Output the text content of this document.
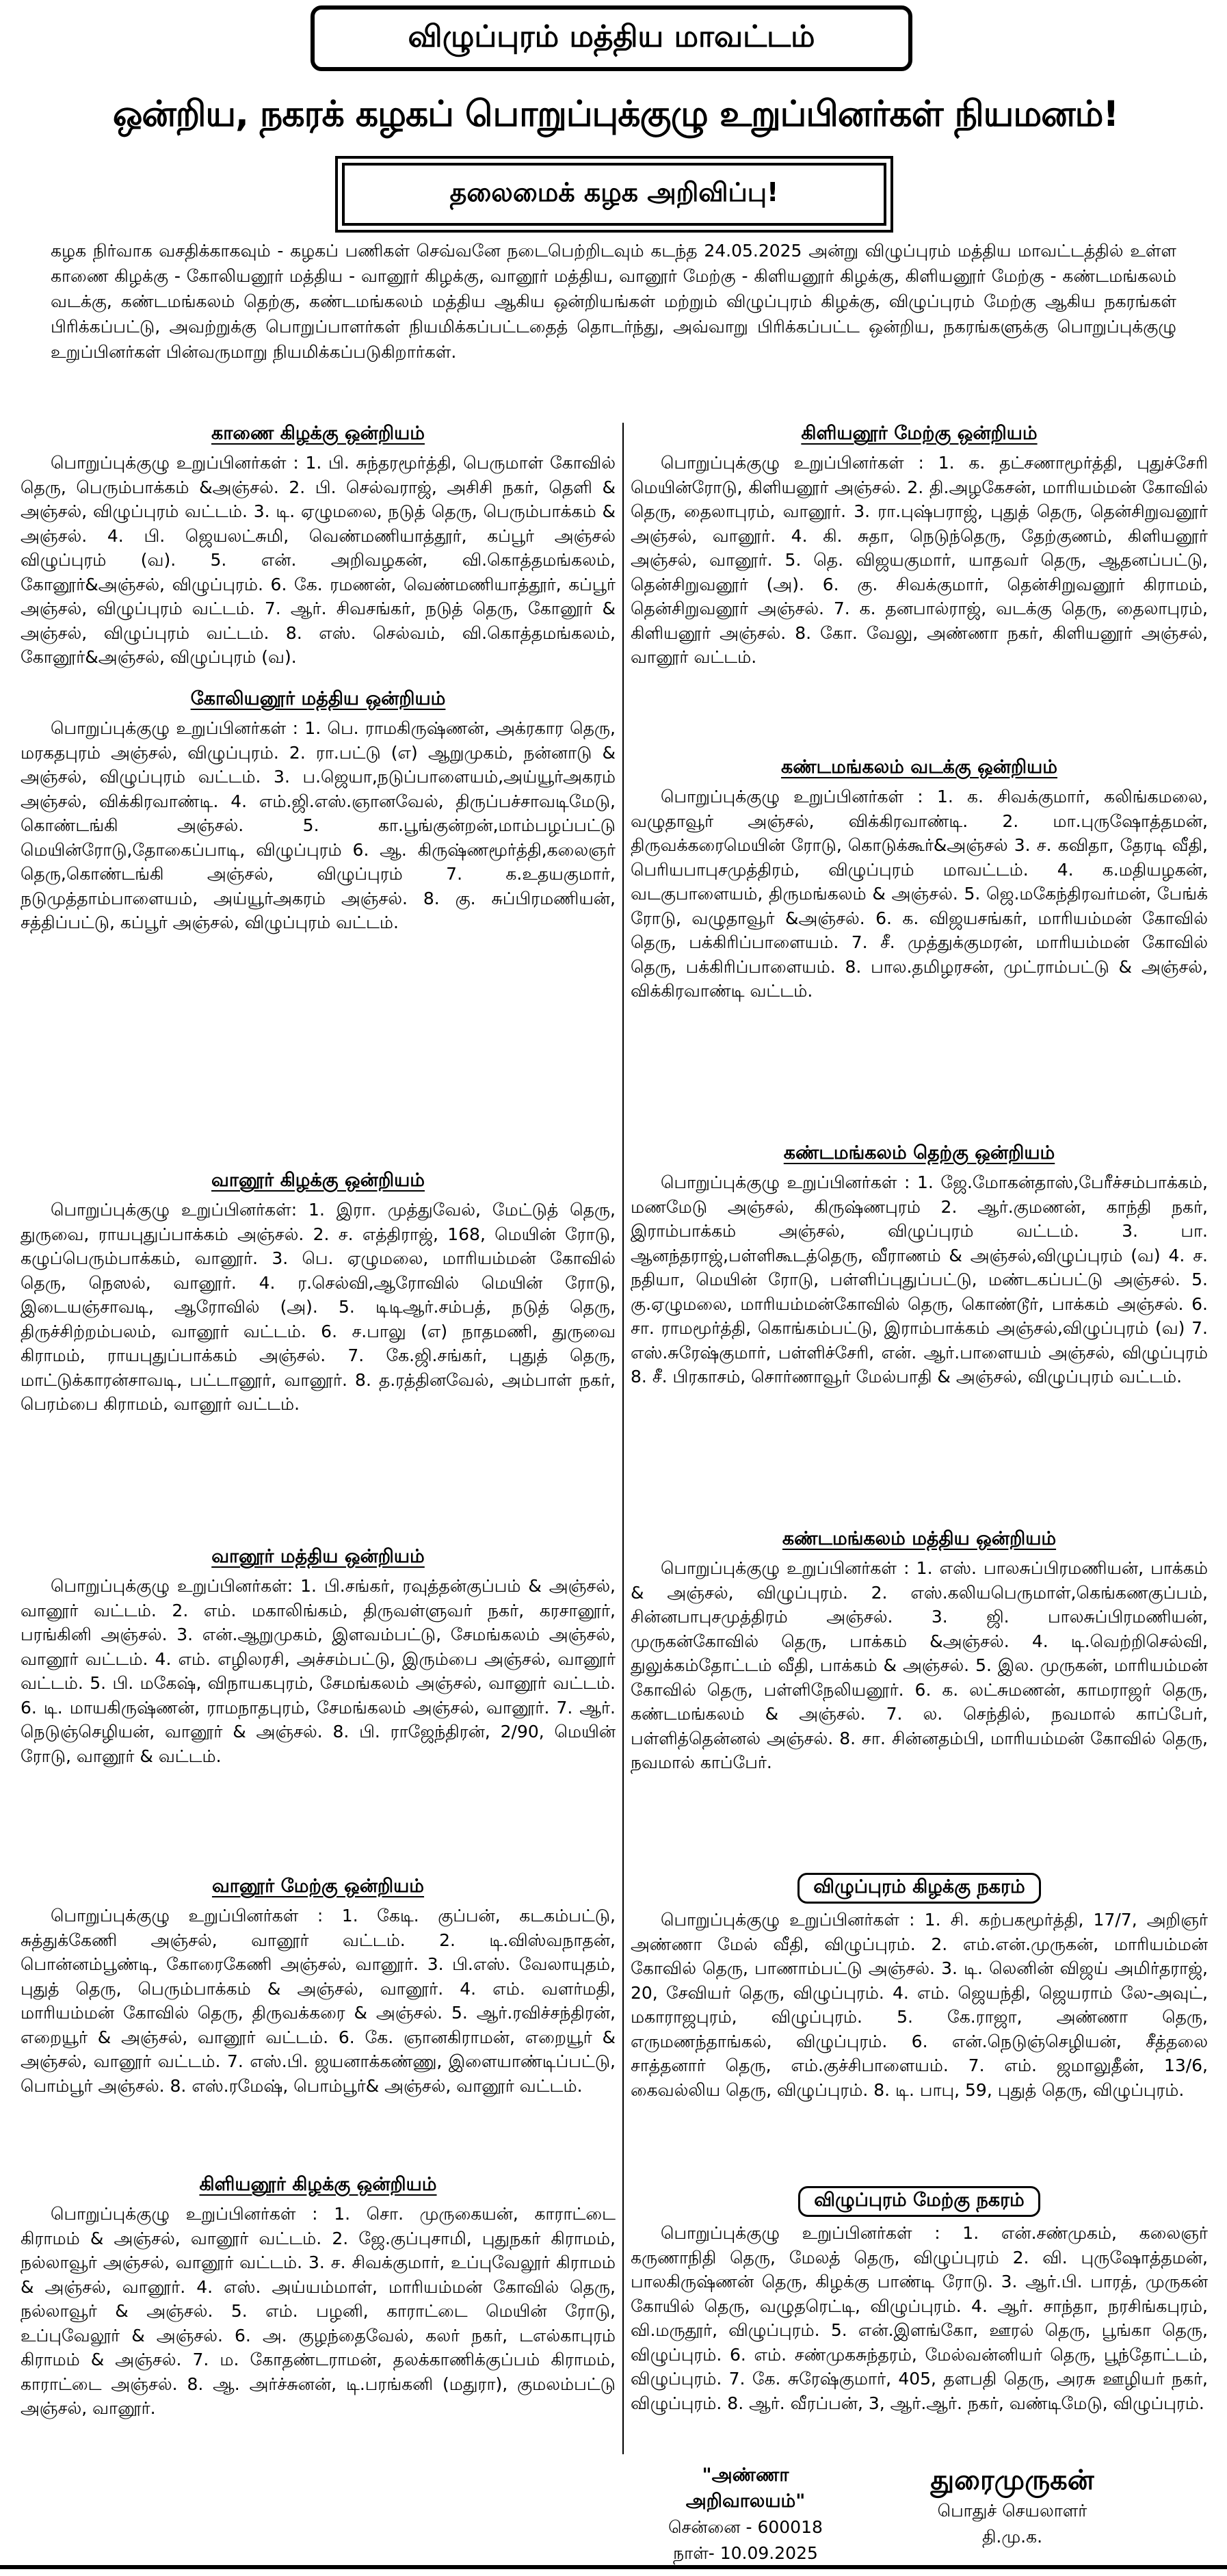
விழுப்புரம் மத்திய மாவட்டம்
ஒன்றிய, நகரக் கழகப் பொறுப்புக்குழு உறுப்பினர்கள் நியமனம்!
தலைமைக் கழக அறிவிப்பு!

கழக நிர்வாக வசதிக்காகவும் - கழகப் பணிகள் செவ்வனே நடைபெற்றிடவும் கடந்த 24.05.2025 அன்று விழுப்புரம் மத்திய மாவட்டத்தில் உள்ள காணை கிழக்கு - கோலியனூர் மத்திய - வானூர் கிழக்கு, வானூர் மத்திய, வானூர் மேற்கு - கிளியனூர் கிழக்கு, கிளியனூர் மேற்கு - கண்டமங்கலம் வடக்கு, கண்டமங்கலம் தெற்கு, கண்டமங்கலம் மத்திய ஆகிய ஒன்றியங்கள் மற்றும் விழுப்புரம் கிழக்கு, விழுப்புரம் மேற்கு ஆகிய நகரங்கள் பிரிக்கப்பட்டு, அவற்றுக்கு பொறுப்பாளர்கள் நியமிக்கப்பட்டதைத் தொடர்ந்து, அவ்வாறு பிரிக்கப்பட்ட ஒன்றிய, நகரங்களுக்கு பொறுப்புக்குழு உறுப்பினர்கள் பின்வருமாறு நியமிக்கப்படுகிறார்கள்.

காணை கிழக்கு ஒன்றியம்

பொறுப்புக்குழு உறுப்பினர்கள் : 1. பி. சுந்தரமூர்த்தி, பெருமாள் கோவில் தெரு, பெரும்பாக்கம் &அஞ்சல். 2. பி. செல்வராஜ், அசிசி நகர், தெளி & அஞ்சல், விழுப்புரம் வட்டம். 3. டி. ஏழுமலை, நடுத் தெரு, பெரும்பாக்கம் & அஞ்சல். 4. பி. ஜெயலட்சுமி, வெண்மணியாத்தூர், கப்பூர் அஞ்சல் விழுப்புரம் (வ). 5. என். அறிவழகன், வி.கொத்தமங்கலம், கோனூர்&அஞ்சல், விழுப்புரம். 6. கே. ரமணன், வெண்மணியாத்தூர், கப்பூர் அஞ்சல், விழுப்புரம் வட்டம். 7. ஆர். சிவசங்கர், நடுத் தெரு, கோனூர் & அஞ்சல், விழுப்புரம் வட்டம். 8. எஸ். செல்வம், வி.கொத்தமங்கலம், கோனூர்&அஞ்சல், விழுப்புரம் (வ).

கோலியனூர் மத்திய ஒன்றியம்

பொறுப்புக்குழு உறுப்பினர்கள் : 1. பெ. ராமகிருஷ்ணன், அக்ரகார தெரு, மரகதபுரம் அஞ்சல், விழுப்புரம். 2. ரா.பட்டு (எ) ஆறுமுகம், நன்னாடு & அஞ்சல், விழுப்புரம் வட்டம். 3. ப.ஜெயா,நடுப்பாளையம்,அய்யூர்அகரம் அஞ்சல், விக்கிரவாண்டி. 4. எம்.ஜி.எஸ்.ஞானவேல், திருப்பச்சாவடிமேடு, கொண்டங்கி அஞ்சல். 5. கா.பூங்குன்றன்,மாம்பழப்பட்டு மெயின்ரோடு,தோகைப்பாடி, விழுப்புரம் 6. ஆ. கிருஷ்ணமூர்த்தி,கலைஞர் தெரு,கொண்டங்கி அஞ்சல், விழுப்புரம் 7. க.உதயகுமார், நடுமுத்தாம்பாளையம், அய்யூர்அகரம் அஞ்சல். 8. கு. சுப்பிரமணியன், சத்திப்பட்டு, கப்பூர் அஞ்சல், விழுப்புரம் வட்டம்.

வானூர் கிழக்கு ஒன்றியம்

பொறுப்புக்குழு உறுப்பினர்கள்: 1. இரா. முத்துவேல், மேட்டுத் தெரு, துருவை, ராயபுதுப்பாக்கம் அஞ்சல். 2. ச. எத்திராஜ், 168, மெயின் ரோடு, கழுப்பெரும்பாக்கம், வானூர். 3. பெ. ஏழுமலை, மாரியம்மன் கோவில் தெரு, நெஸல், வானூர். 4. ர.செல்வி,ஆரோவில் மெயின் ரோடு, இடையஞ்சாவடி, ஆரோவில் (அ). 5. டிடிஆர்.சம்பத், நடுத் தெரு, திருச்சிற்றம்பலம், வானூர் வட்டம். 6. ச.பாலு (எ) நாதமணி, துருவை கிராமம், ராயபுதுப்பாக்கம் அஞ்சல். 7. கே.ஜி.சங்கர், புதுத் தெரு, மாட்டுக்காரன்சாவடி, பட்டானூர், வானூர். 8. த.ரத்தினவேல், அம்பாள் நகர், பெரம்பை கிராமம், வானூர் வட்டம்.

வானூர் மத்திய ஒன்றியம்

பொறுப்புக்குழு உறுப்பினர்கள்: 1. பி.சங்கர், ரவுத்தன்குப்பம் & அஞ்சல், வானூர் வட்டம். 2. எம். மகாலிங்கம், திருவள்ளுவர் நகர், கரசானூர், பரங்கினி அஞ்சல். 3. என்.ஆறுமுகம், இளவம்பட்டு, சேமங்கலம் அஞ்சல், வானூர் வட்டம். 4. எம். எழிலரசி, அச்சம்பட்டு, இரும்பை அஞ்சல், வானூர் வட்டம். 5. பி. மகேஷ், விநாயகபுரம், சேமங்கலம் அஞ்சல், வானூர் வட்டம். 6. டி. மாயகிருஷ்ணன், ராமநாதபுரம், சேமங்கலம் அஞ்சல், வானூர். 7. ஆர். நெடுஞ்செழியன், வானூர் & அஞ்சல். 8. பி. ராஜேந்திரன், 2/90, மெயின் ரோடு, வானூர் & வட்டம்.

வானூர் மேற்கு ஒன்றியம்

பொறுப்புக்குழு உறுப்பினர்கள் : 1. கேடி. குப்பன், கடகம்பட்டு, சுத்துக்கேணி அஞ்சல், வானூர் வட்டம். 2. டி.விஸ்வநாதன், பொன்னம்பூண்டி, கோரைகேணி அஞ்சல், வானூர். 3. பி.எஸ். வேலாயுதம், புதுத் தெரு, பெரும்பாக்கம் & அஞ்சல், வானூர். 4. எம். வளர்மதி, மாரியம்மன் கோவில் தெரு, திருவக்கரை & அஞ்சல். 5. ஆர்.ரவிச்சந்திரன், எறையூர் & அஞ்சல், வானூர் வட்டம். 6. கே. ஞானகிராமன், எறையூர் & அஞ்சல், வானூர் வட்டம். 7. எஸ்.பி. ஜயனாக்கண்ணு, இளையாண்டிப்பட்டு, பொம்பூர் அஞ்சல். 8. எஸ்.ரமேஷ், பொம்பூர்& அஞ்சல், வானூர் வட்டம்.

கிளியனூர் கிழக்கு ஒன்றியம்

பொறுப்புக்குழு உறுப்பினர்கள் : 1. சொ. முருகையன், காராட்டை கிராமம் & அஞ்சல், வானூர் வட்டம். 2. ஜே.குப்புசாமி, புதுநகர் கிராமம், நல்லாவூர் அஞ்சல், வானூர் வட்டம். 3. ச. சிவக்குமார், உப்புவேலூர் கிராமம் & அஞ்சல், வானூர். 4. எஸ். அய்யம்மாள், மாரியம்மன் கோவில் தெரு, நல்லாவூர் & அஞ்சல். 5. எம். பழனி, காராட்டை மெயின் ரோடு, உப்புவேலூர் & அஞ்சல். 6. அ. குழந்தைவேல், கலர் நகர், டஎல்காபுரம் கிராமம் & அஞ்சல். 7. ம. கோதண்டராமன், தலக்காணிக்குப்பம் கிராமம், காராட்டை அஞ்சல். 8. ஆ. அர்ச்சுனன், டி.பரங்கனி (மதுரா), குமலம்பட்டு அஞ்சல், வானூர்.

கிளியனூர் மேற்கு ஒன்றியம்

பொறுப்புக்குழு உறுப்பினர்கள் : 1. க. தட்சணாமூர்த்தி, புதுச்சேரி மெயின்ரோடு, கிளியனூர் அஞ்சல். 2. தி.அழகேசன், மாரியம்மன் கோவில் தெரு, தைலாபுரம், வானூர். 3. ரா.புஷ்பராஜ், புதுத் தெரு, தென்சிறுவனூர் அஞ்சல், வானூர். 4. கி. சுதா, நெடுந்தெரு, தேற்குணம், கிளியனூர் அஞ்சல், வானூர். 5. தெ. விஜயகுமார், யாதவர் தெரு, ஆதனப்பட்டு, தென்சிறுவனூர் (அ). 6. கு. சிவக்குமார், தென்சிறுவனூர் கிராமம், தென்சிறுவனூர் அஞ்சல். 7. க. தனபால்ராஜ், வடக்கு தெரு, தைலாபுரம், கிளியனூர் அஞ்சல். 8. கோ. வேலு, அண்ணா நகர், கிளியனூர் அஞ்சல், வானூர் வட்டம்.

கண்டமங்கலம் வடக்கு ஒன்றியம்

பொறுப்புக்குழு உறுப்பினர்கள் : 1. க. சிவக்குமார், கலிங்கமலை, வழுதாவூர் அஞ்சல், விக்கிரவாண்டி. 2. மா.புருஷோத்தமன், திருவக்கரைமெயின் ரோடு, கொடுக்கூர்&அஞ்சல் 3. ச. கவிதா, தேரடி வீதி, பெரியபாபுசமுத்திரம், விழுப்புரம் மாவட்டம். 4. க.மதியழகன், வடகுபாளையம், திருமங்கலம் & அஞ்சல். 5. ஜெ.மகேந்திரவர்மன், பேங்க் ரோடு, வழுதாவூர் &அஞ்சல். 6. க. விஜயசங்கர், மாரியம்மன் கோவில் தெரு, பக்கிரிப்பாளையம். 7. சீ. முத்துக்குமரன், மாரியம்மன் கோவில் தெரு, பக்கிரிப்பாளையம். 8. பால.தமிழரசன், முட்ராம்பட்டு & அஞ்சல், விக்கிரவாண்டி வட்டம்.

கண்டமங்கலம் தெற்கு ஒன்றியம்

பொறுப்புக்குழு உறுப்பினர்கள் : 1. ஜே.மோகன்தாஸ்,பேரீச்சம்பாக்கம், மணமேடு அஞ்சல், கிருஷ்ணபுரம் 2. ஆர்.குமணன், காந்தி நகர், இராம்பாக்கம் அஞ்சல், விழுப்புரம் வட்டம். 3. பா. ஆனந்தராஜ்,பள்ளிகூடத்தெரு, வீராணம் & அஞ்சல்,விழுப்புரம் (வ) 4. ச. நதியா, மெயின் ரோடு, பள்ளிப்புதுப்பட்டு, மண்டகப்பட்டு அஞ்சல். 5. கு.ஏழுமலை, மாரியம்மன்கோவில் தெரு, கொண்டூர், பாக்கம் அஞ்சல். 6. சா. ராமமூர்த்தி, கொங்கம்பட்டு, இராம்பாக்கம் அஞ்சல்,விழுப்புரம் (வ) 7. எஸ்.சுரேஷ்குமார், பள்ளிச்சேரி, என். ஆர்.பாளையம் அஞ்சல், விழுப்புரம் 8. சீ. பிரகாசம், சொர்ணாவூர் மேல்பாதி & அஞ்சல், விழுப்புரம் வட்டம்.

கண்டமங்கலம் மத்திய ஒன்றியம்

பொறுப்புக்குழு உறுப்பினர்கள் : 1. எஸ். பாலசுப்பிரமணியன், பாக்கம் & அஞ்சல், விழுப்புரம். 2. எஸ்.கலியபெருமாள்,கெங்கணகுப்பம், சின்னபாபுசமுத்திரம் அஞ்சல். 3. ஜி. பாலசுப்பிரமணியன், முருகன்கோவில் தெரு, பாக்கம் &அஞ்சல். 4. டி.வெற்றிசெல்வி, துலுக்கம்தோட்டம் வீதி, பாக்கம் & அஞ்சல். 5. இல. முருகன், மாரியம்மன் கோவில் தெரு, பள்ளிநேலியனூர். 6. க. லட்சுமணன், காமராஜர் தெரு, கண்டமங்கலம் & அஞ்சல். 7. ல. செந்தில், நவமால் காப்பேர், பள்ளித்தென்னல் அஞ்சல். 8. சா. சின்னதம்பி, மாரியம்மன் கோவில் தெரு, நவமால் காப்பேர்.

விழுப்புரம் கிழக்கு நகரம்

பொறுப்புக்குழு உறுப்பினர்கள் : 1. சி. கற்பகமூர்த்தி, 17/7, அறிஞர் அண்ணா மேல் வீதி, விழுப்புரம். 2. எம்.என்.முருகன், மாரியம்மன் கோவில் தெரு, பாணாம்பட்டு அஞ்சல். 3. டி. லெனின் விஜய் அமிர்தராஜ், 20, சேவியர் தெரு, விழுப்புரம். 4. எம். ஜெயந்தி, ஜெயராம் லே-அவுட், மகாராஜபுரம், விழுப்புரம். 5. கே.ராஜா, அண்ணா தெரு, எருமணந்தாங்கல், விழுப்புரம். 6. என்.நெடுஞ்செழியன், சீத்தலை சாத்தனார் தெரு, எம்.குச்சிபாளையம். 7. எம். ஜமாலுதீன், 13/6, கைவல்லிய தெரு, விழுப்புரம். 8. டி. பாபு, 59, புதுத் தெரு, விழுப்புரம்.

விழுப்புரம் மேற்கு நகரம்

பொறுப்புக்குழு உறுப்பினர்கள் : 1. என்.சண்முகம், கலைஞர் கருணாநிதி தெரு, மேலத் தெரு, விழுப்புரம் 2. வி. புருஷோத்தமன், பாலகிருஷ்ணன் தெரு, கிழக்கு பாண்டி ரோடு. 3. ஆர்.பி. பாரத், முருகன் கோயில் தெரு, வழுதரெட்டி, விழுப்புரம். 4. ஆர். சாந்தா, நரசிங்கபுரம், வி.மருதூர், விழுப்புரம். 5. என்.இளங்கோ, ஊரல் தெரு, பூங்கா தெரு, விழுப்புரம். 6. எம். சண்முகசுந்தரம், மேல்வன்னியர் தெரு, பூந்தோட்டம், விழுப்புரம். 7. கே. சுரேஷ்குமார், 405, தளபதி தெரு, அரசு ஊழியர் நகர், விழுப்புரம். 8. ஆர். வீரப்பன், 3, ஆர்.ஆர். நகர், வண்டிமேடு, விழுப்புரம்.

"அண்ணா அறிவாலயம்"
சென்னை - 600018
நாள்- 10.09.2025
துரைமுருகன்
பொதுச் செயலாளர்
தி.மு.க.
